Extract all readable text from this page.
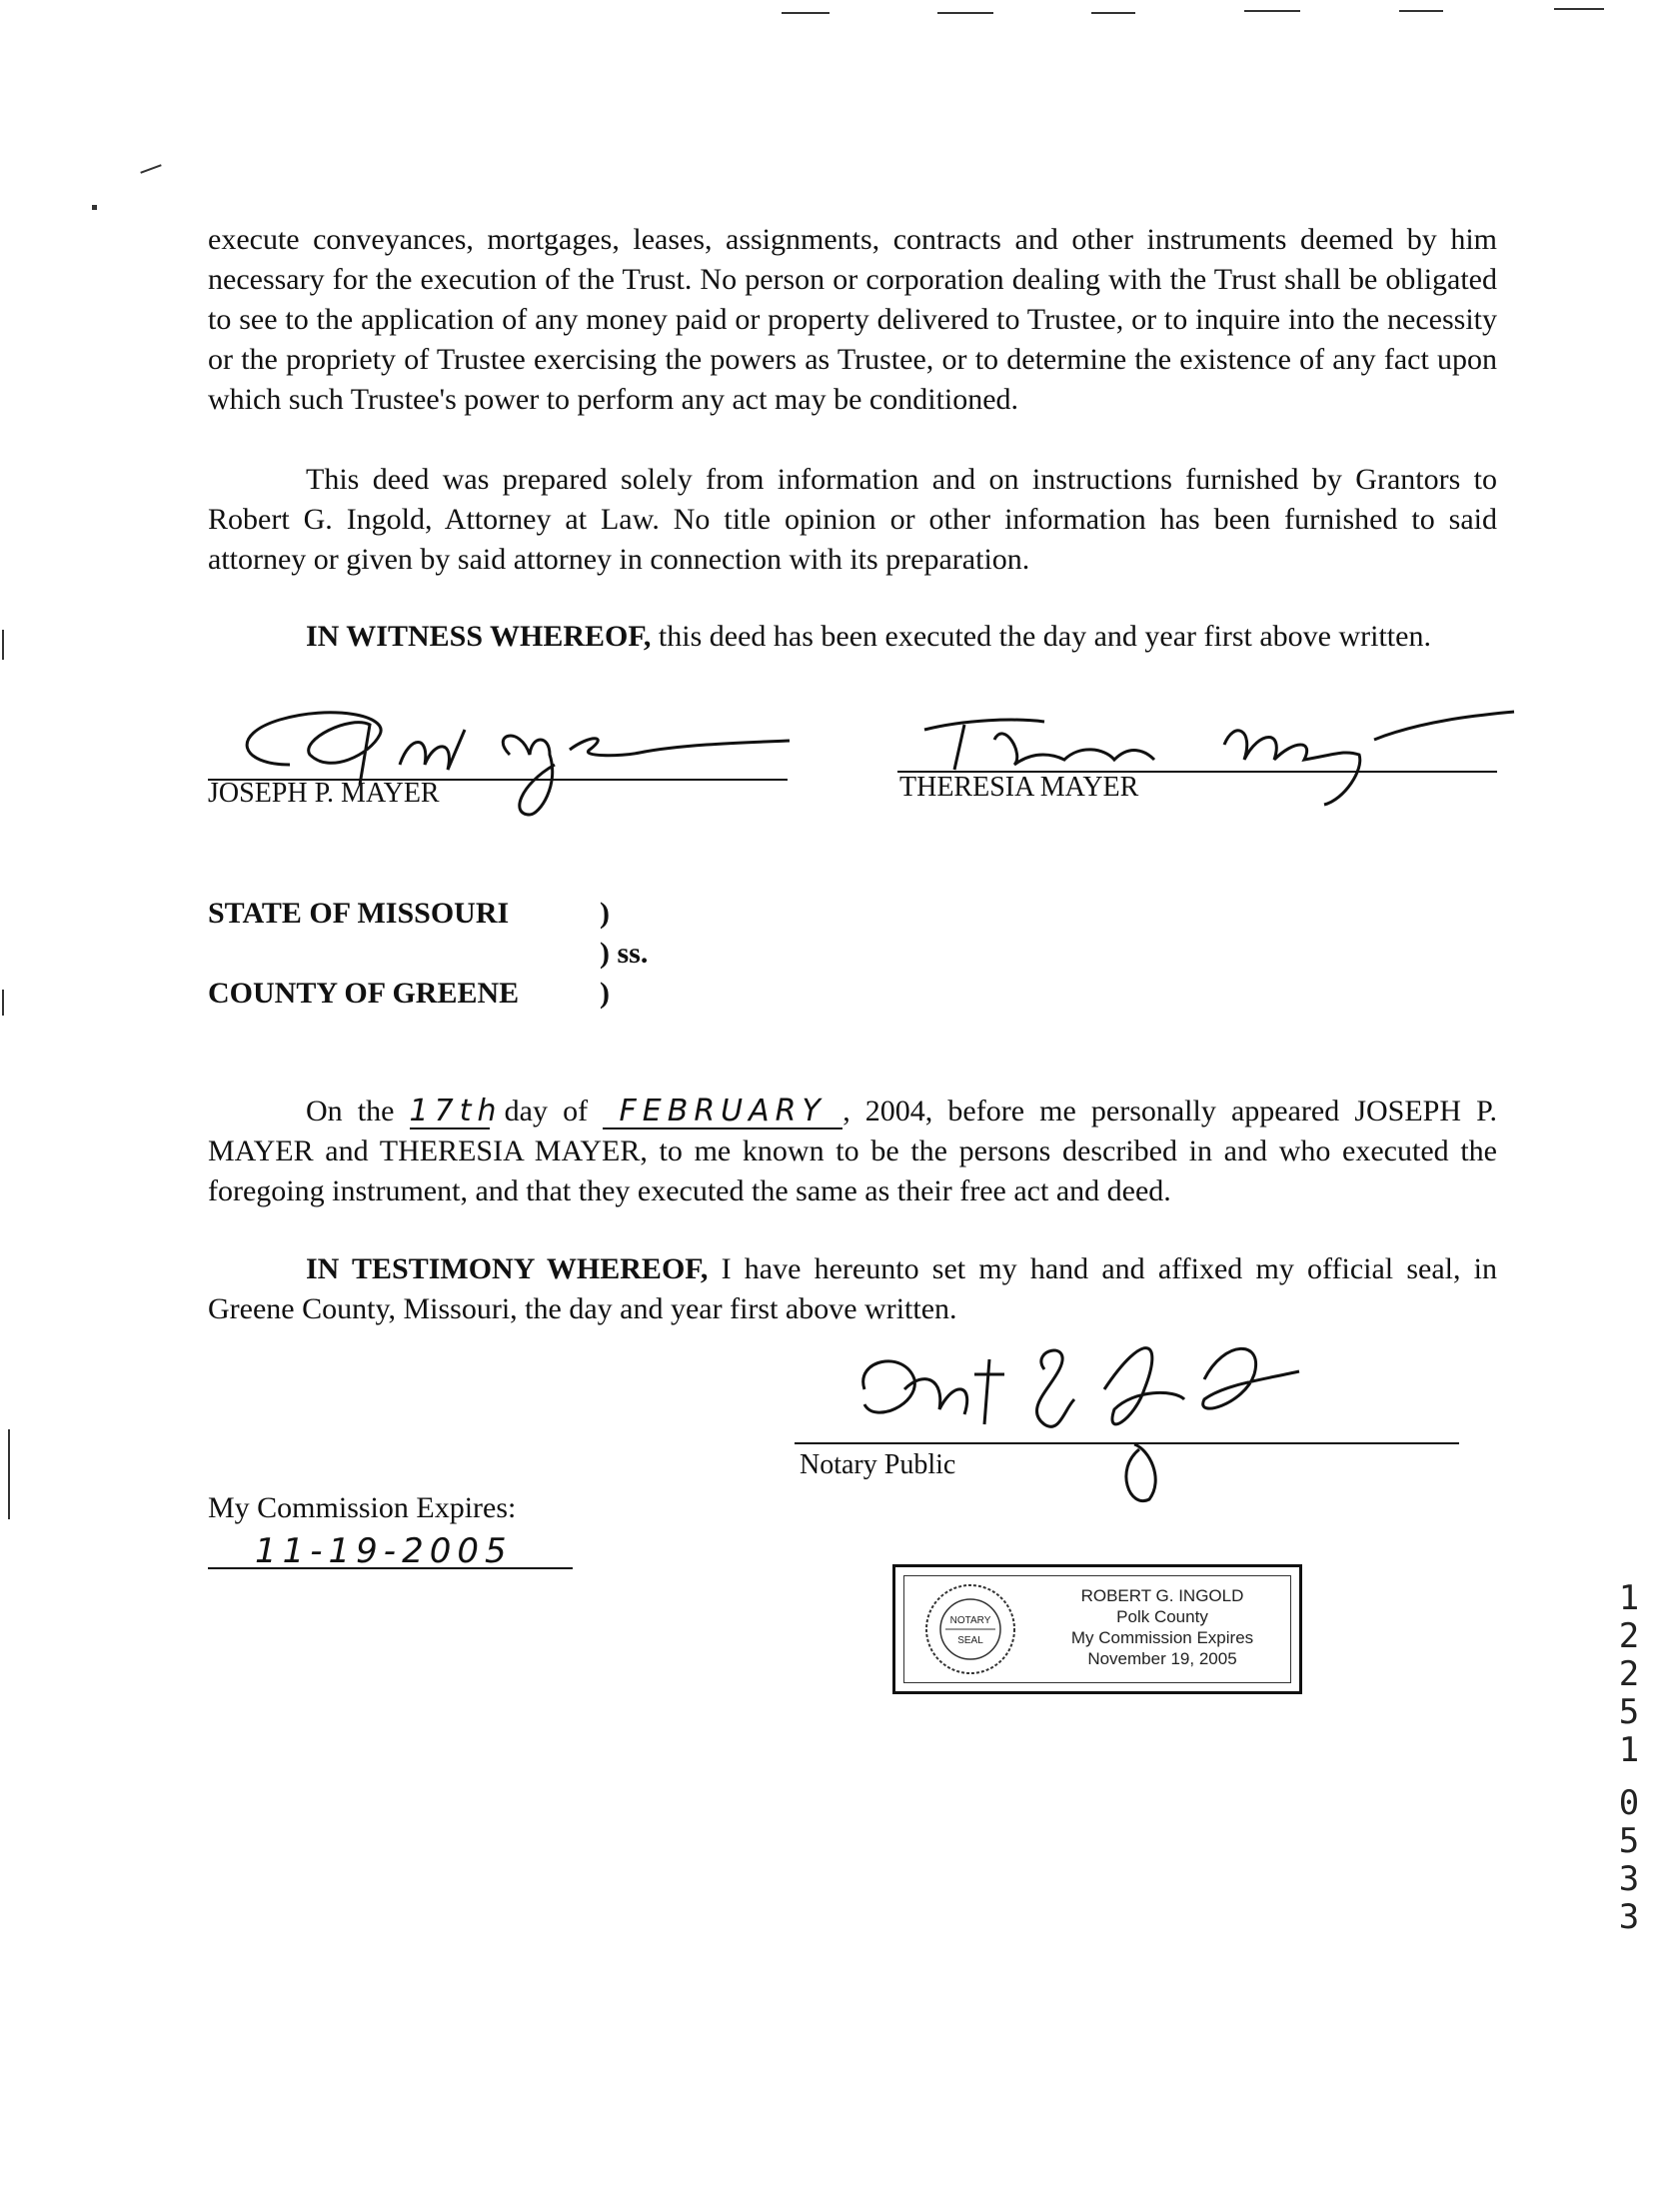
execute conveyances, mortgages, leases, assignments, contracts and other instruments deemed by him necessary for the execution of the Trust. No person or corporation dealing with the Trust shall be obligated to see to the application of any money paid or property delivered to Trustee, or to inquire into the necessity or the propriety of Trustee exercising the powers as Trustee, or to determine the existence of any fact upon which such Trustee's power to perform any act may be conditioned.
This deed was prepared solely from information and on instructions furnished by Grantors to Robert G. Ingold, Attorney at Law. No title opinion or other information has been furnished to said attorney or given by said attorney in connection with its preparation.
IN WITNESS WHEREOF, this deed has been executed the day and year first above written.
JOSEPH P. MAYER	THERESIA MAYER
STATE OF MISSOURI	)
) ss.
COUNTY OF GREENE	)
On the 17th day of FEBRUARY , 2004, before me personally appeared JOSEPH P. MAYER and THERESIA MAYER, to me known to be the persons described in and who executed the foregoing instrument, and that they executed the same as their free act and deed.
IN TESTIMONY WHEREOF, I have hereunto set my hand and affixed my official seal, in Greene County, Missouri, the day and year first above written.
Notary Public
My Commission Expires:
11-19-2005
NOTARY
SEAL
ROBERT G. INGOLD
Polk County
My Commission Expires
November 19, 2005
1
2
2
5
1
0
5
3
3
